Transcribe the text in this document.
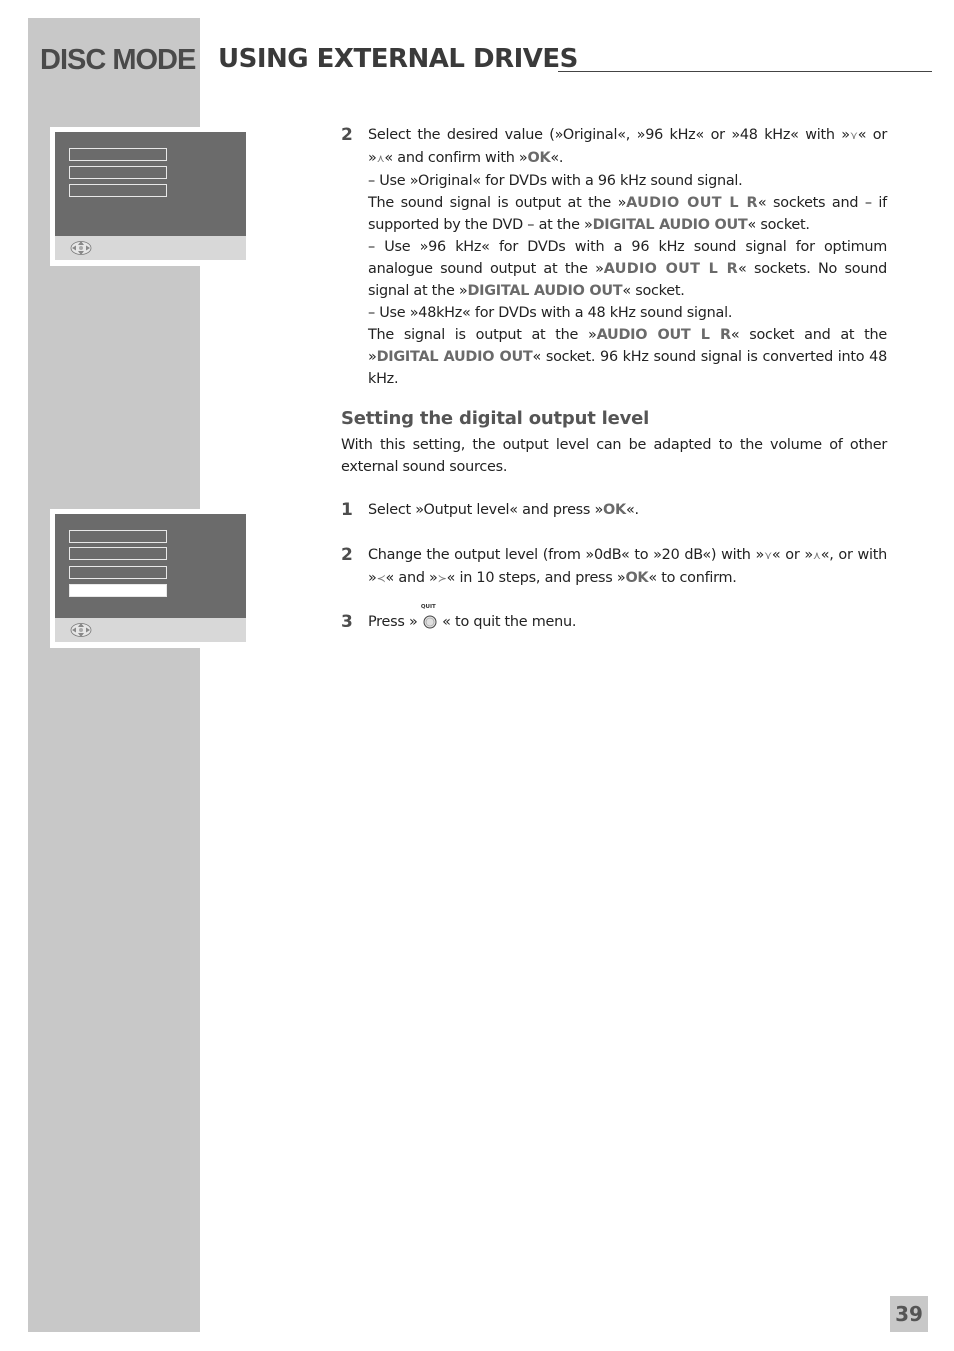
DISC MODE USING EXTERNAL DRIVES
2 Select the desired value (»Original«, »96 kHz« or »48 kHz« with »⋎« or »⋏« and confirm with »OK«.
– Use »Original« for DVDs with a 96 kHz sound signal.
The sound signal is output at the »AUDIO OUT L R« sockets and – if supported by the DVD – at the »DIGITAL AUDIO OUT« socket.
– Use »96 kHz« for DVDs with a 96 kHz sound signal for optimum analogue sound output at the »AUDIO OUT L R« sockets. No sound signal at the »DIGITAL AUDIO OUT« socket.
– Use »48kHz« for DVDs with a 48 kHz sound signal.
The signal is output at the »AUDIO OUT L R« socket and at the »DIGITAL AUDIO OUT« socket. 96 kHz sound signal is converted into 48 kHz.
Setting the digital output level
With this setting, the output level can be adapted to the volume of other external sound sources.
1 Select »Output level« and press »OK«.
2 Change the output level (from »0dB« to »20 dB«) with »⋎« or »⋏«, or with »≺« and »≻« in 10 steps, and press »OK« to confirm.
3 Press »
QUIT
« to quit the menu.
39
